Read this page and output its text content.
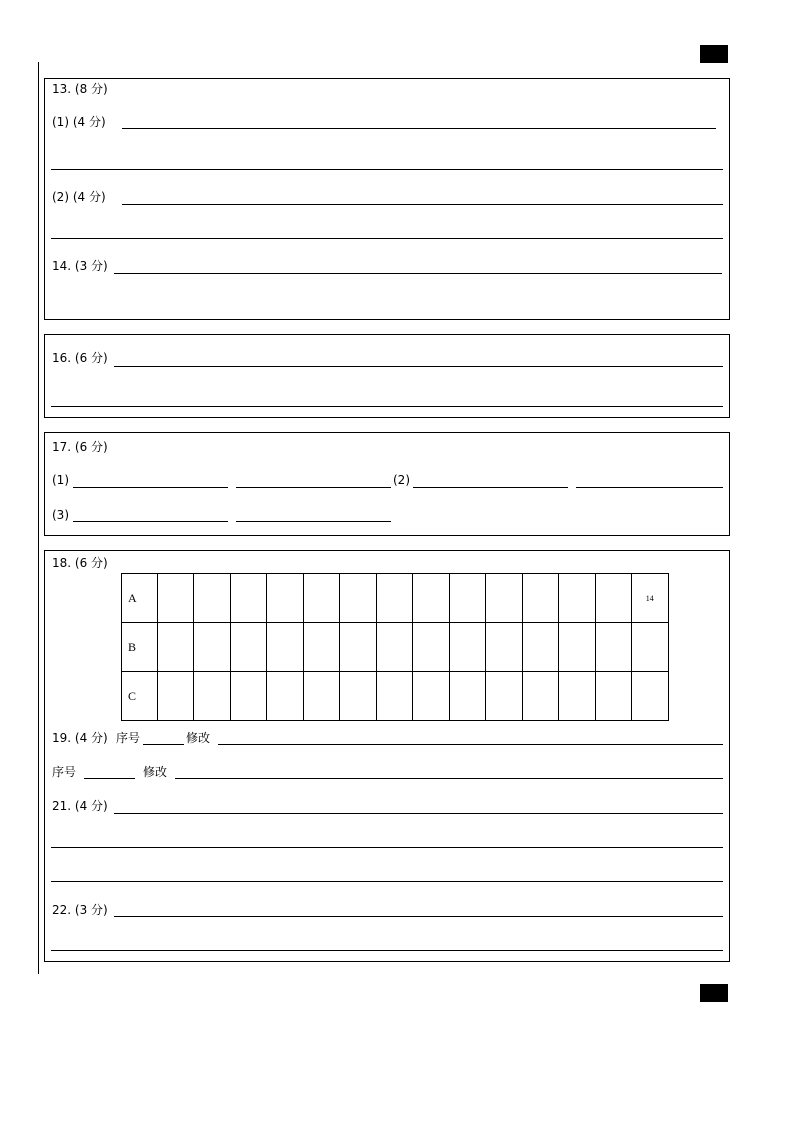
13. (8 分)
(1) (4 分)
(2) (4 分)
14. (3 分)
16. (6 分)
17. (6 分)
(1)	(2)
(3)
18. (6 分)
A														14
B														
C														
19. (4 分) 序号	修改
序号	修改
21. (4 分)
22. (3 分)
